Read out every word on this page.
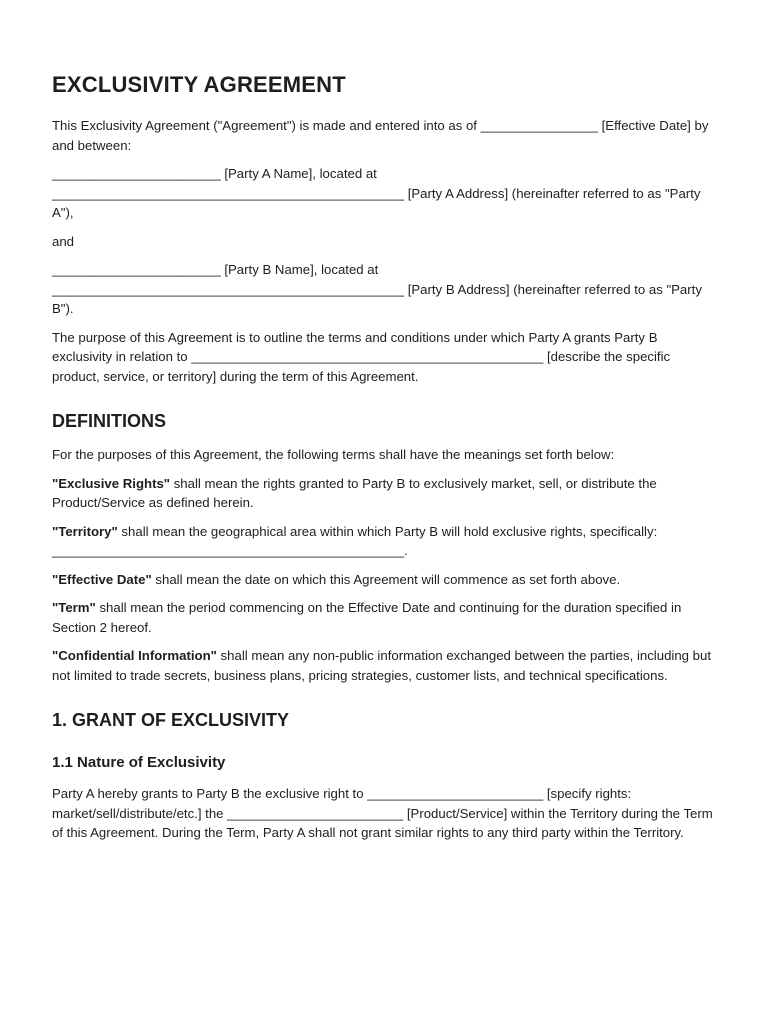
EXCLUSIVITY AGREEMENT

This Exclusivity Agreement ("Agreement") is made and entered into as of ________________ [Effective Date] by and between:

_______________________ [Party A Name], located at ________________________________________________ [Party A Address] (hereinafter referred to as "Party A"),

and

_______________________ [Party B Name], located at ________________________________________________ [Party B Address] (hereinafter referred to as "Party B").

The purpose of this Agreement is to outline the terms and conditions under which Party A grants Party B exclusivity in relation to ________________________________________________ [describe the specific product, service, or territory] during the term of this Agreement.

DEFINITIONS

For the purposes of this Agreement, the following terms shall have the meanings set forth below:

"Exclusive Rights" shall mean the rights granted to Party B to exclusively market, sell, or distribute the Product/Service as defined herein.

"Territory" shall mean the geographical area within which Party B will hold exclusive rights, specifically: ________________________________________________.

"Effective Date" shall mean the date on which this Agreement will commence as set forth above.

"Term" shall mean the period commencing on the Effective Date and continuing for the duration specified in Section 2 hereof.

"Confidential Information" shall mean any non-public information exchanged between the parties, including but not limited to trade secrets, business plans, pricing strategies, customer lists, and technical specifications.

1. GRANT OF EXCLUSIVITY
1.1 Nature of Exclusivity

Party A hereby grants to Party B the exclusive right to ________________________ [specify rights: market/sell/distribute/etc.] the ________________________ [Product/Service] within the Territory during the Term of this Agreement. During the Term, Party A shall not grant similar rights to any third party within the Territory.
